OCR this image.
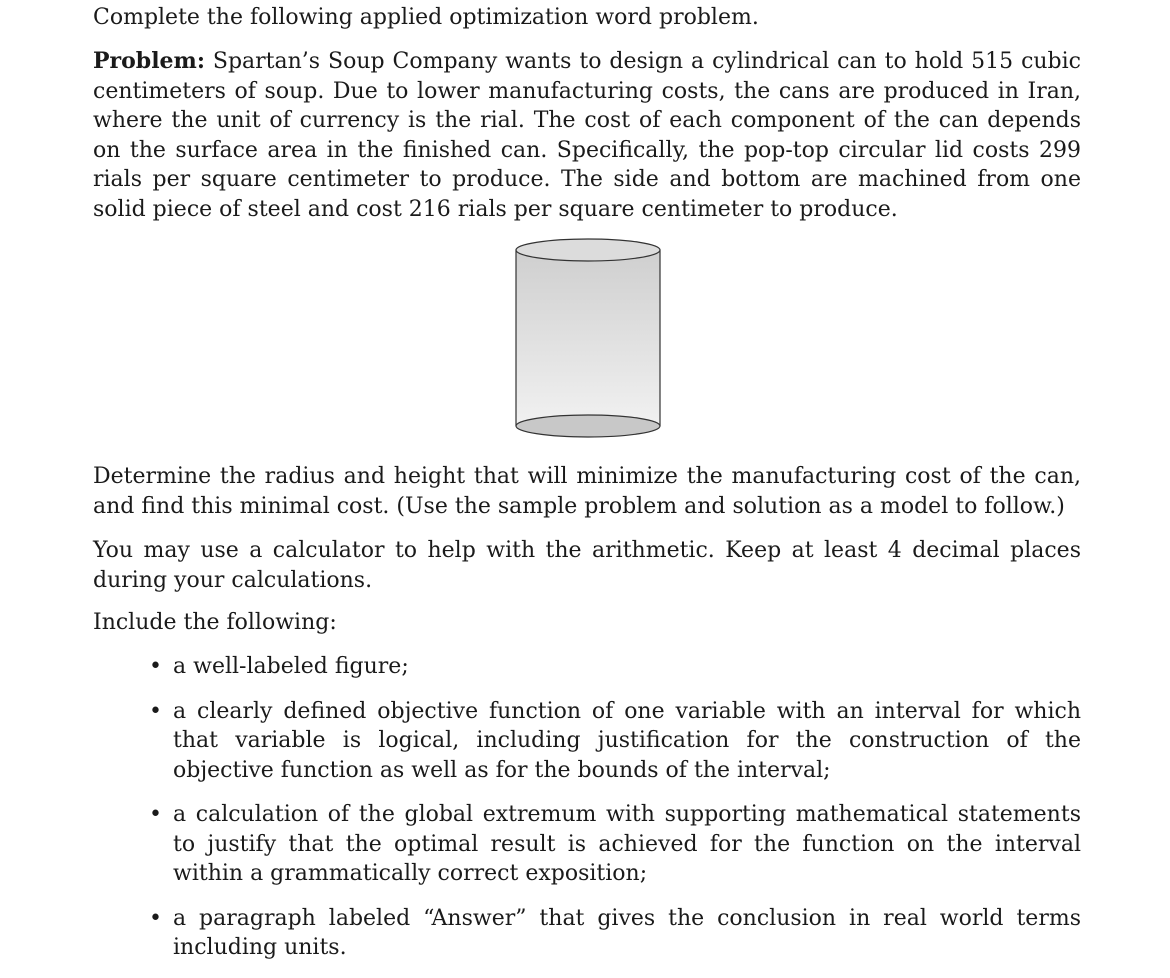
Complete the following applied optimization word problem.

Problem: Spartan’s Soup Company wants to design a cylindrical can to hold 515 cubic centimeters of soup. Due to lower manufacturing costs, the cans are produced in Iran, where the unit of currency is the rial. The cost of each component of the can depends on the surface area in the finished can. Specifically, the pop-top circular lid costs 299 rials per square centimeter to produce. The side and bottom are machined from one solid piece of steel and cost 216 rials per square centimeter to produce.

Determine the radius and height that will minimize the manufacturing cost of the can, and find this minimal cost. (Use the sample problem and solution as a model to follow.)

You may use a calculator to help with the arithmetic. Keep at least 4 decimal places during your calculations.

Include the following:

• a well-labeled figure;
• a clearly defined objective function of one variable with an interval for which that variable is logical, including justification for the construction of the objective function as well as for the bounds of the interval;
• a calculation of the global extremum with supporting mathematical statements to justify that the optimal result is achieved for the function on the interval within a grammatically correct exposition;
• a paragraph labeled “Answer” that gives the conclusion in real world terms including units.
